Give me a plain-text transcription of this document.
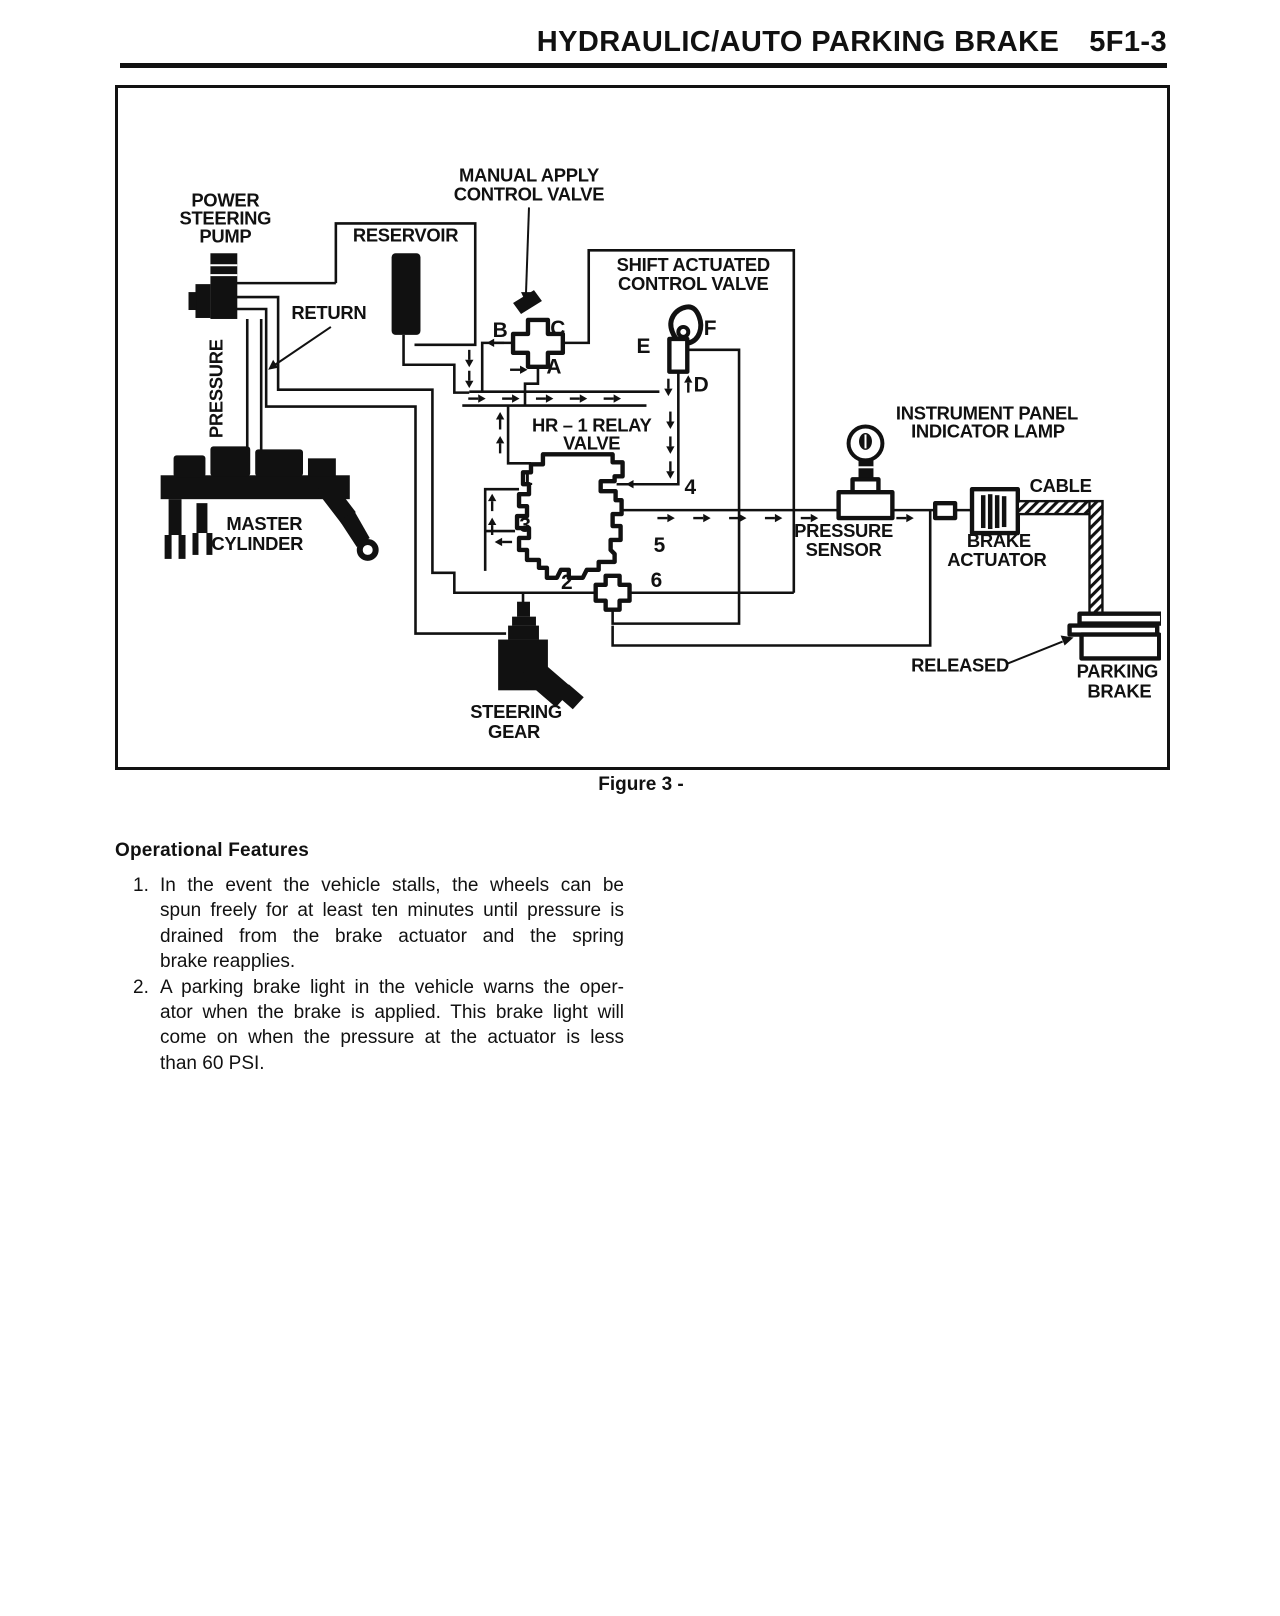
HYDRAULIC/AUTO PARKING BRAKE 5F1-3
POWER
STEERING
PUMP	RESERVOIR
RETURN
PRESSURE
MANUAL APPLY
CONTROL VALVE
B C
A
SHIFT ACTUATED
CONTROL VALVE
E
F
D
HR – 1 RELAY
VALVE
1
3
2
4
5
6
MASTER
CYLINDER
STEERING
GEAR
INSTRUMENT PANEL
INDICATOR LAMP
PRESSURE
SENSOR	BRAKE
ACTUATOR
CABLE
PARKING
BRAKE
RELEASED
Figure 3 -
Operational Features
1. In the event the vehicle stalls, the wheels can be
spun freely for at least ten minutes until pressure is
drained from the brake actuator and the spring
brake reapplies.
2. A parking brake light in the vehicle warns the oper-
ator when the brake is applied. This brake light will
come on when the pressure at the actuator is less
than 60 PSI.
